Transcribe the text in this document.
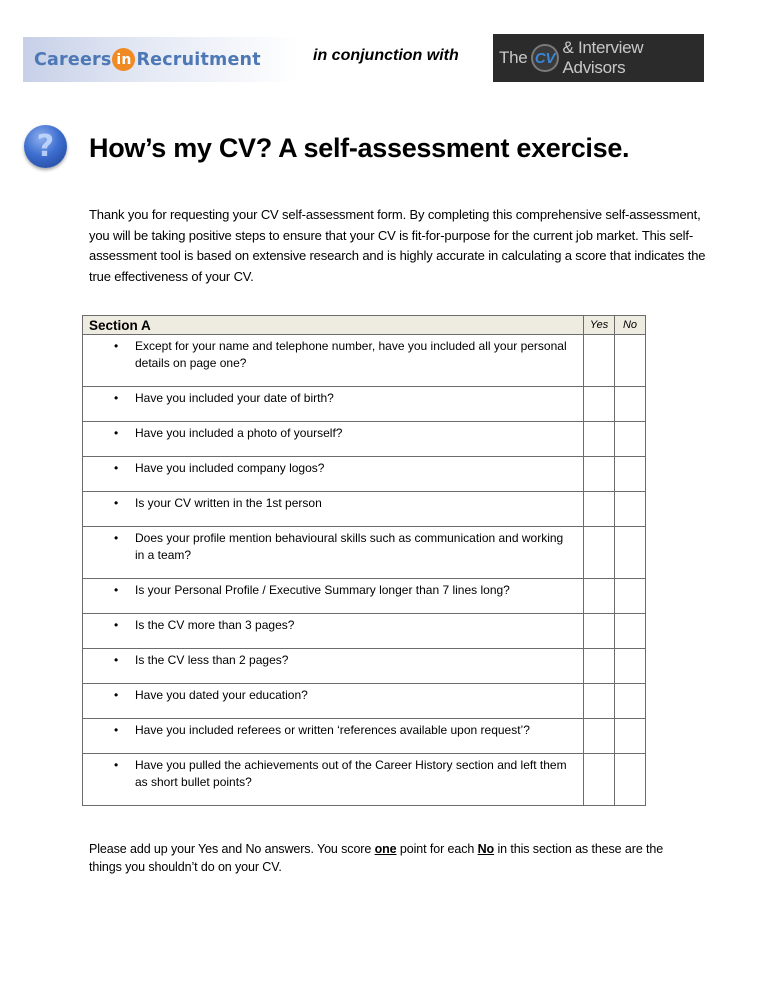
Careers in Recruitment	in conjunction with The CV
& Interview Advisors
?	How’s my CV? A self-assessment exercise.

Thank you for requesting your CV self-assessment form. By completing this comprehensive self-assessment, you will be taking positive steps to ensure that your CV is fit-for-purpose for the current job market. This self-assessment tool is based on extensive research and is highly accurate in calculating a score that indicates the true effectiveness of your CV.

Section A	Yes	No

• Except for your name and telephone number, have you included all your personal details on page one?		

• Have you included your date of birth?		

• Have you included a photo of yourself?		

• Have you included company logos?		

• Is your CV written in the 1st person		

• Does your profile mention behavioural skills such as communication and working in a team?		

• Is your Personal Profile / Executive Summary longer than 7 lines long?		

• Is the CV more than 3 pages?		

• Is the CV less than 2 pages?		

• Have you dated your education?		

• Have you included referees or written ‘references available upon request’?		

• Have you pulled the achievements out of the Career History section and left them as short bullet points?		

Please add up your Yes and No answers. You score one point for each No in this section as these are the things you shouldn’t do on your CV.
